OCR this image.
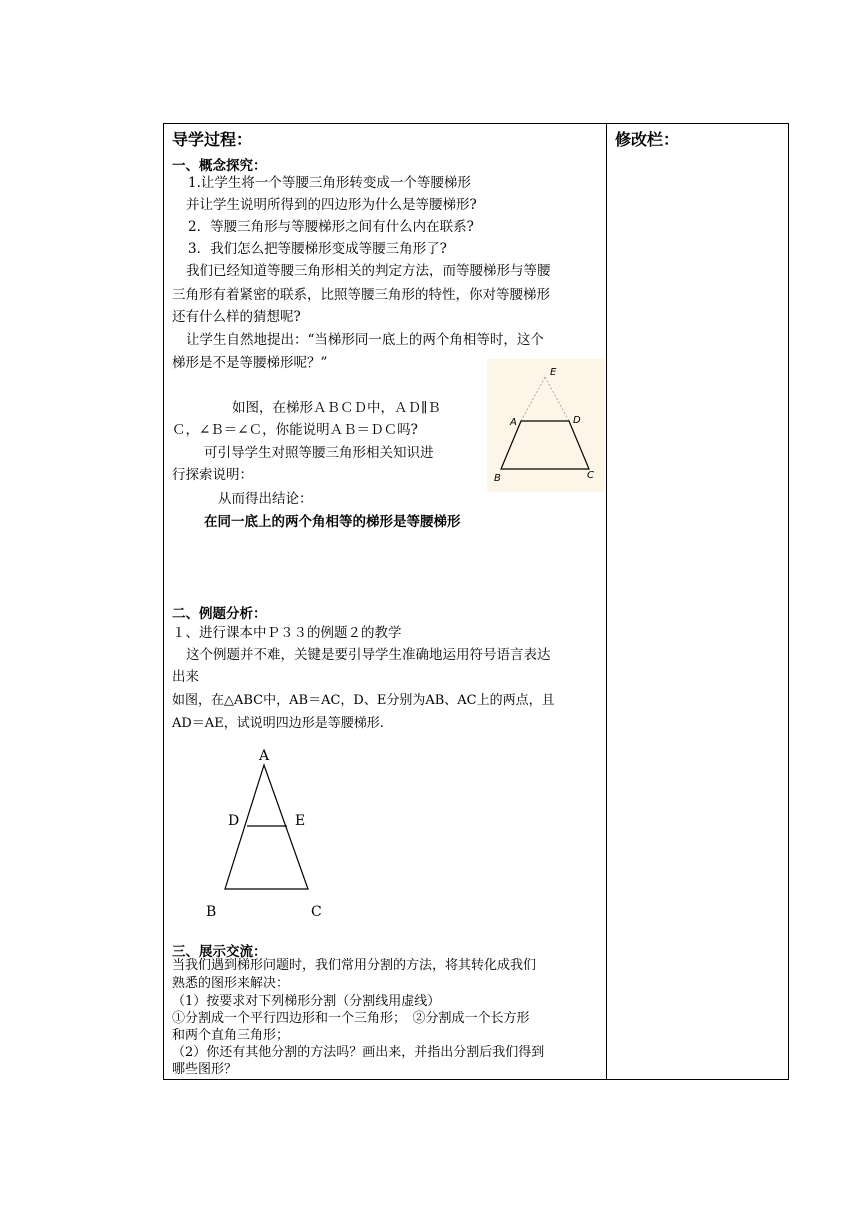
修改栏：
导学过程：
一、概念探究：
1.让学生将一个等腰三角形转变成一个等腰梯形
并让学生说明所得到的四边形为什么是等腰梯形?
2．等腰三角形与等腰梯形之间有什么内在联系?
3．我们怎么把等腰梯形变成等腰三角形了?
我们已经知道等腰三角形相关的判定方法，而等腰梯形与等腰
三角形有着紧密的联系，比照等腰三角形的特性，你对等腰梯形
还有什么样的猜想呢?
让学生自然地提出：“当梯形同一底上的两个角相等时，这个
梯形是不是等腰梯形呢？”
如图，在梯形ＡＢＣＤ中，ＡＤ∥Ｂ
Ｃ，∠Ｂ＝∠Ｃ，你能说明ＡＢ＝ＤＣ吗?
可引导学生对照等腰三角形相关知识进
行探索说明：
从而得出结论：
在同一底上的两个角相等的梯形是等腰梯形
E
A	D
B	C
二、例题分析：
１、进行课本中Ｐ３３的例题２的教学
这个例题并不难，关键是要引导学生准确地运用符号语言表达
出来
如图，在△ABC中，AB＝AC，D、E分别为AB、AC上的两点，且
AD＝AE，试说明四边形是等腰梯形.
A
D	E
B	C
三、展示交流：
当我们遇到梯形问题时，我们常用分割的方法，将其转化成我们
熟悉的图形来解决：
（1）按要求对下列梯形分割（分割线用虚线）
①分割成一个平行四边形和一个三角形；　②分割成一个长方形
和两个直角三角形；
（2）你还有其他分割的方法吗？画出来，并指出分割后我们得到
哪些图形？
